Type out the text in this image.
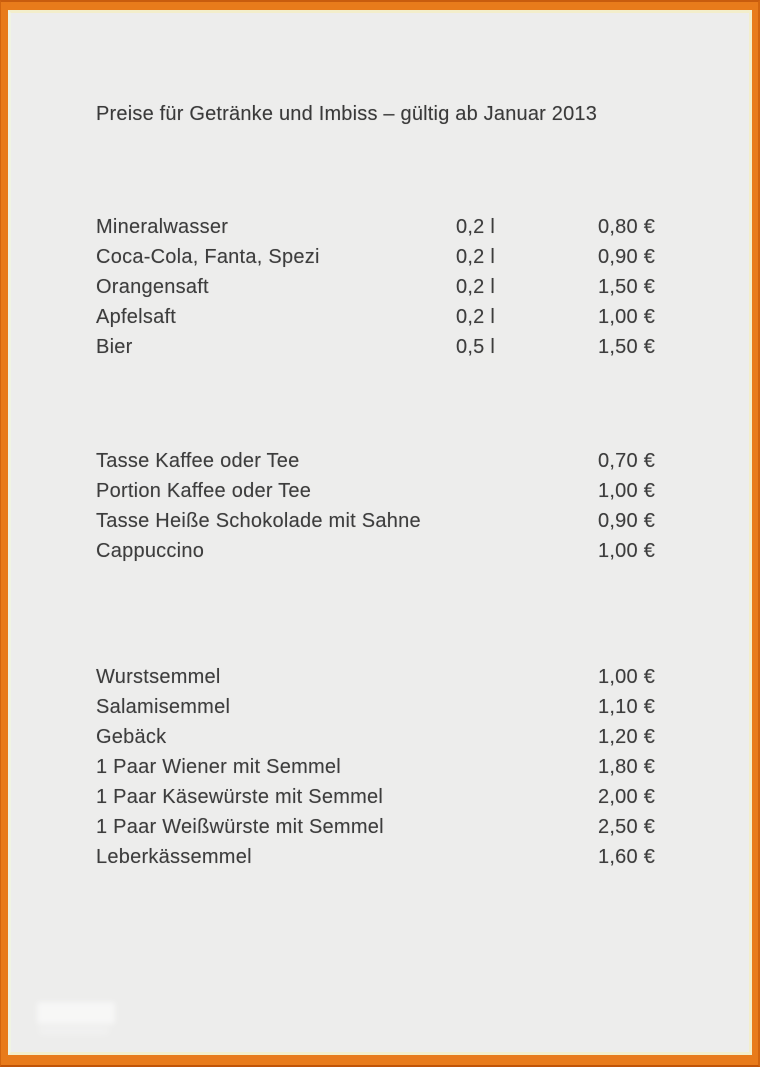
Preise für Getränke und Imbiss – gültig ab Januar 2013
Mineralwasser	0,2 l	0,80 €
Coca-Cola, Fanta, Spezi	0,2 l	0,90 €
Orangensaft	0,2 l	1,50 €
Apfelsaft	0,2 l	1,00 €
Bier	0,5 l	1,50 €
Tasse Kaffee oder Tee	0,70 €
Portion Kaffee oder Tee	1,00 €
Tasse Heiße Schokolade mit Sahne	0,90 €
Cappuccino	1,00 €
Wurstsemmel	1,00 €
Salamisemmel	1,10 €
Gebäck	1,20 €
1 Paar Wiener mit Semmel	1,80 €
1 Paar Käsewürste mit Semmel	2,00 €
1 Paar Weißwürste mit Semmel	2,50 €
Leberkässemmel	1,60 €
